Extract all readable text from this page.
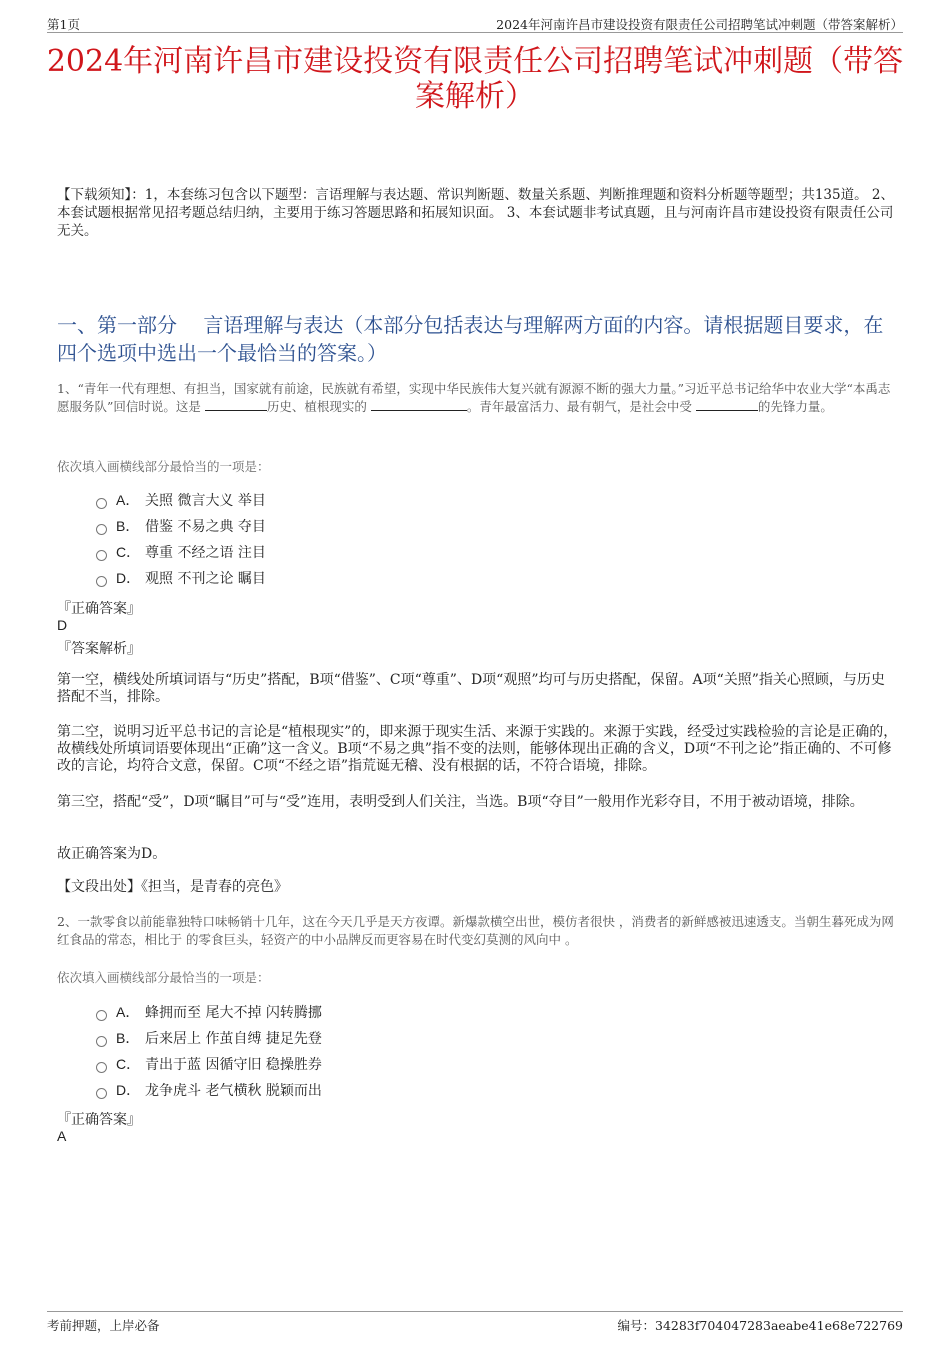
第1页	2024年河南许昌市建设投资有限责任公司招聘笔试冲刺题（带答案解析）
2024年河南许昌市建设投资有限责任公司招聘笔试冲刺题（带答案解析）
【下载须知】：1，本套练习包含以下题型：言语理解与表达题、常识判断题、数量关系题、判断推理题和资料分析题等题型；共135道。 2、本套试题根据常见招考题总结归纳，主要用于练习答题思路和拓展知识面。 3、本套试题非考试真题，且与河南许昌市建设投资有限责任公司无关。
一、第一部分　 言语理解与表达（本部分包括表达与理解两方面的内容。请根据题目要求，在四个选项中选出一个最恰当的答案。）
1、“青年一代有理想、有担当，国家就有前途，民族就有希望，实现中华民族伟大复兴就有源源不断的强大力量。”习近平总书记给华中农业大学“本禹志愿服务队”回信时说。这是	历史、植根现实的	。青年最富活力、最有朝气，是社会中受	的先锋力量。
依次填入画横线部分最恰当的一项是：
A． 关照 微言大义 举目
B． 借鉴 不易之典 夺目
C． 尊重 不经之语 注目
D． 观照 不刊之论 瞩目
『正确答案』
D
『答案解析』
第一空，横线处所填词语与“历史”搭配，B项“借鉴”、C项“尊重”、D项“观照”均可与历史搭配，保留。A项“关照”指关心照顾，与历史搭配不当，排除。
第二空，说明习近平总书记的言论是“植根现实”的，即来源于现实生活、来源于实践的。来源于实践，经受过实践检验的言论是正确的，故横线处所填词语要体现出“正确”这一含义。B项“不易之典”指不变的法则，能够体现出正确的含义，D项“不刊之论”指正确的、不可修改的言论，均符合文意，保留。C项“不经之语”指荒诞无稽、没有根据的话，不符合语境，排除。
第三空，搭配“受”，D项“瞩目”可与“受”连用，表明受到人们关注，当选。B项“夺目”一般用作光彩夺目，不用于被动语境，排除。
故正确答案为D。
【文段出处】《担当，是青春的亮色》
2、一款零食以前能靠独特口味畅销十几年，这在今天几乎是天方夜谭。新爆款横空出世，模仿者很快 ，消费者的新鲜感被迅速透支。当朝生暮死成为网红食品的常态，相比于 的零食巨头，轻资产的中小品牌反而更容易在时代变幻莫测的风向中 。
依次填入画横线部分最恰当的一项是：
A． 蜂拥而至 尾大不掉 闪转腾挪
B． 后来居上 作茧自缚 捷足先登
C． 青出于蓝 因循守旧 稳操胜券
D． 龙争虎斗 老气横秋 脱颖而出
『正确答案』
A
考前押题，上岸必备	编号：34283f704047283aeabe41e68e722769
